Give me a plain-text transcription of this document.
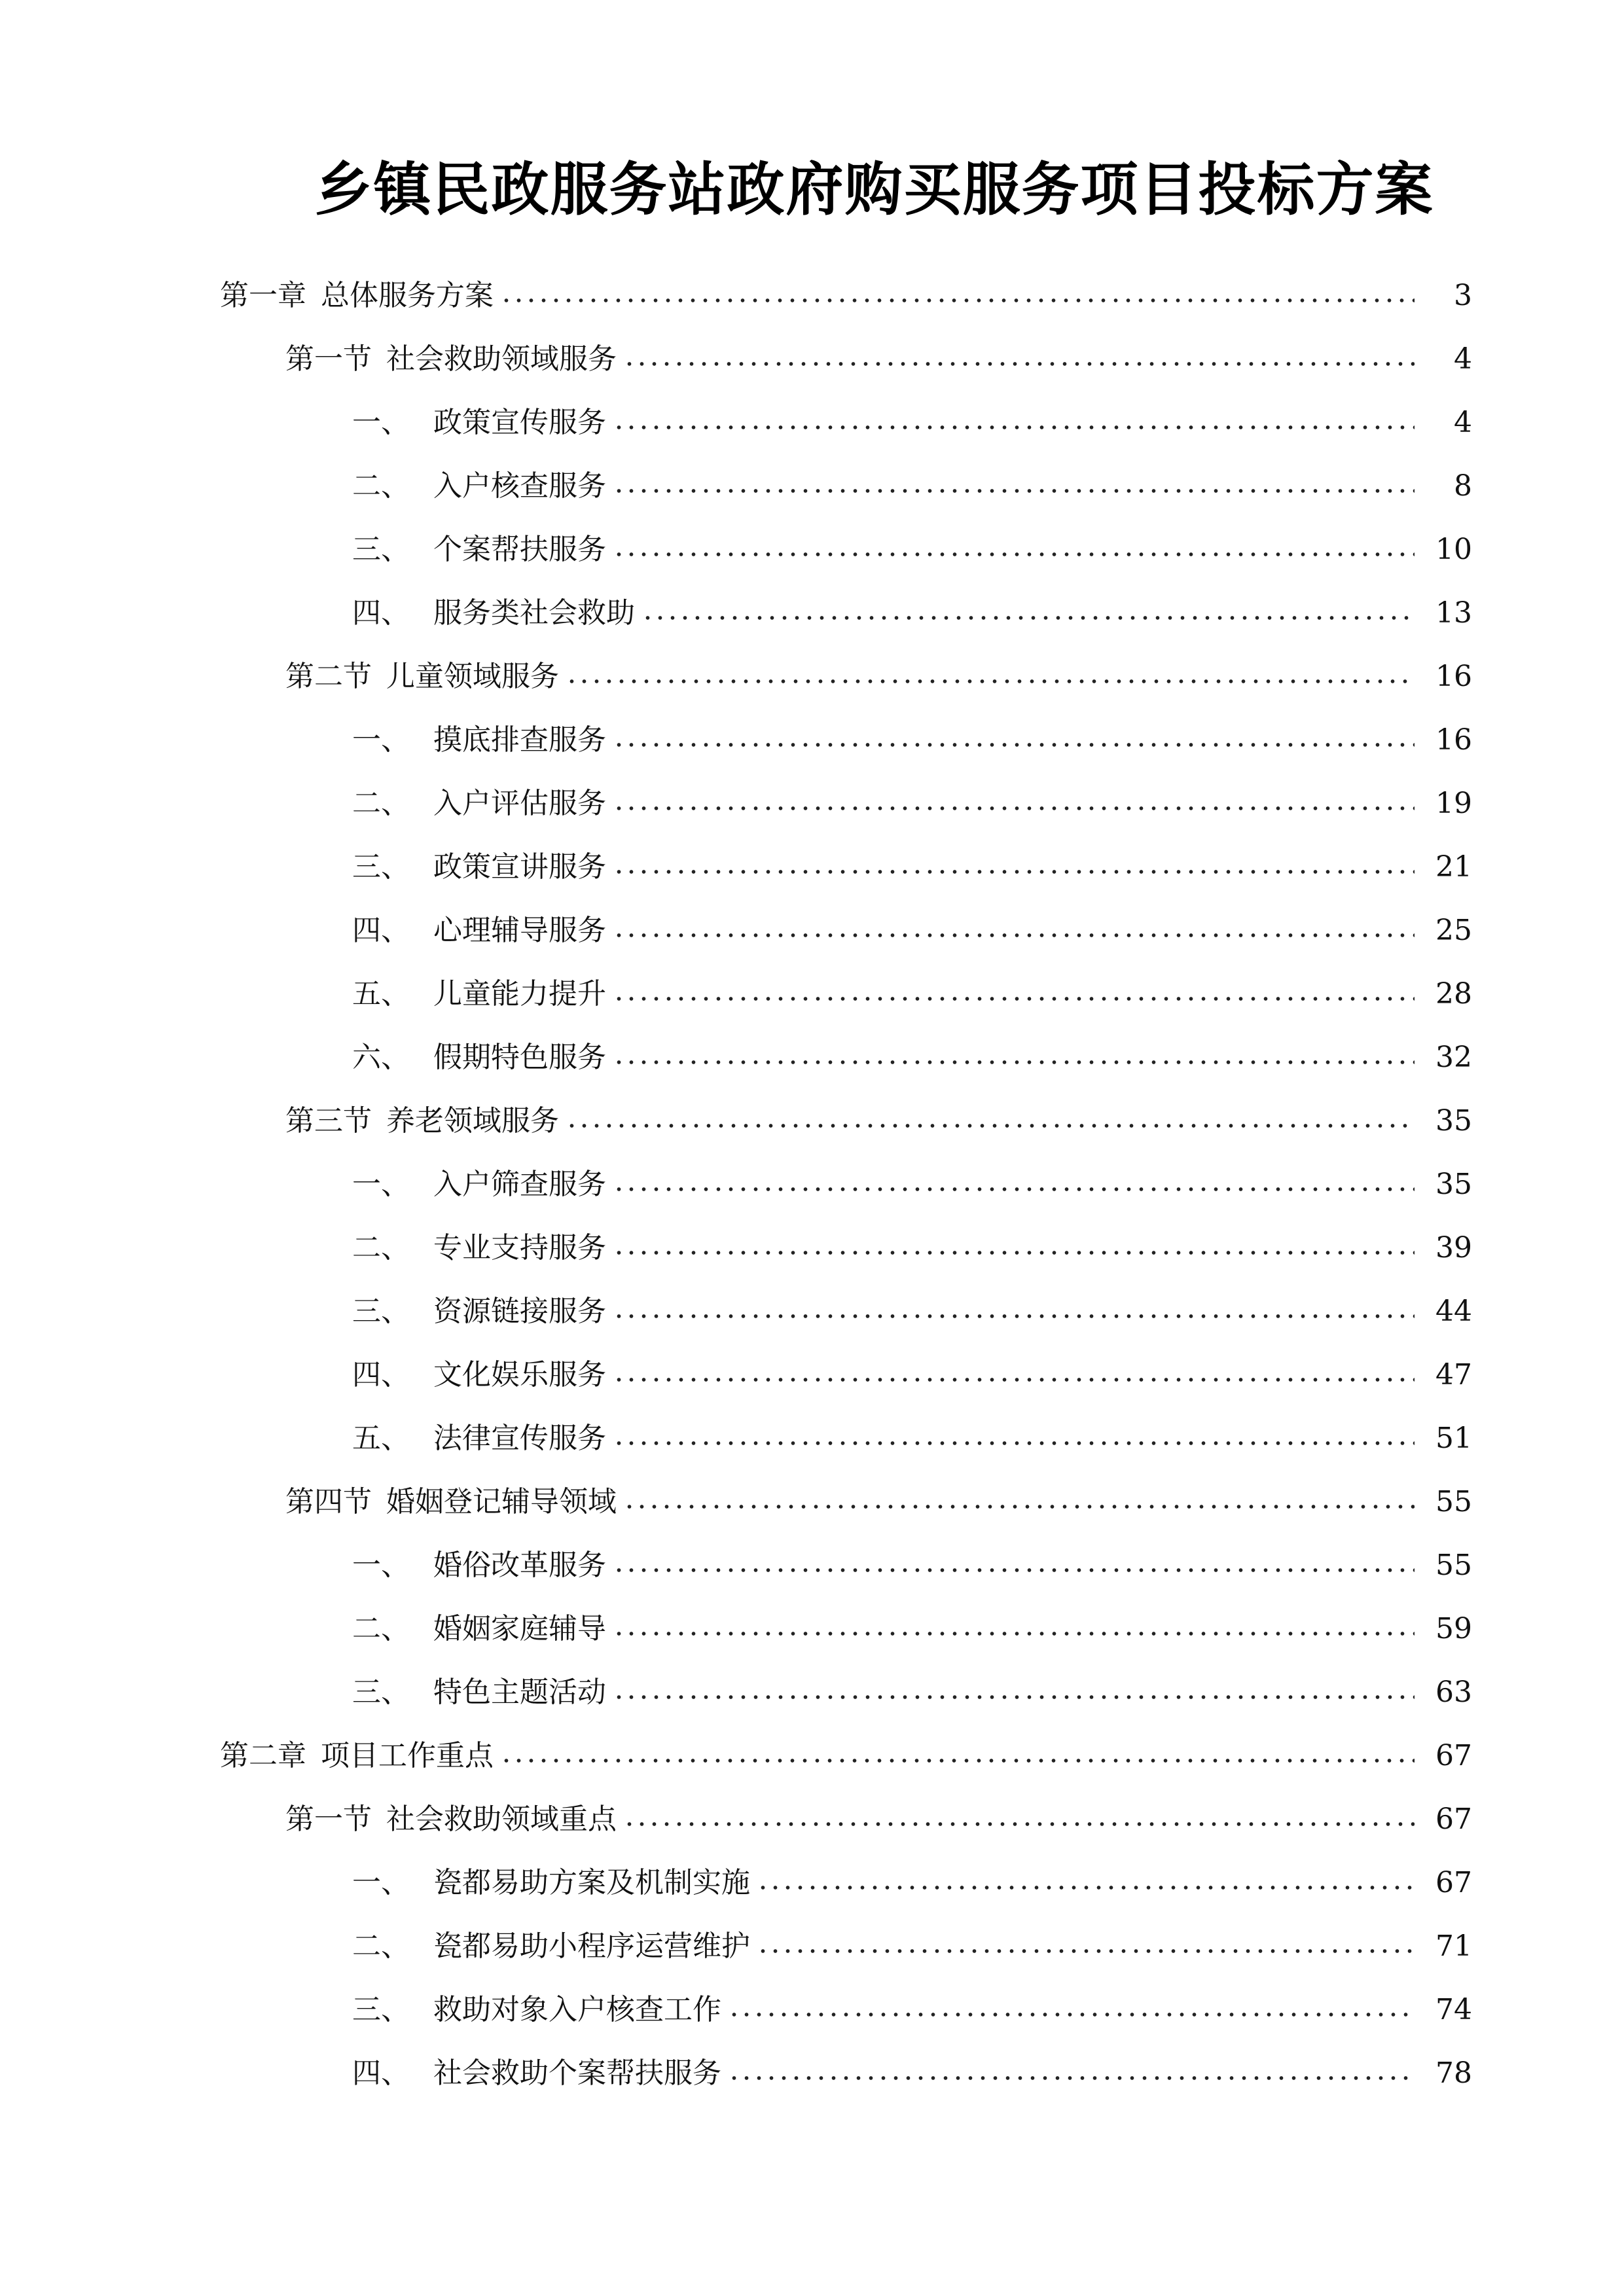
乡镇民政服务站政府购买服务项目投标方案
第一章 总体服务方案	3
第一节 社会救助领域服务	4
一、 政策宣传服务	4
二、 入户核查服务	8
三、 个案帮扶服务	10
四、 服务类社会救助	13
第二节 儿童领域服务	16
一、 摸底排查服务	16
二、 入户评估服务	19
三、 政策宣讲服务	21
四、 心理辅导服务	25
五、 儿童能力提升	28
六、 假期特色服务	32
第三节 养老领域服务	35
一、 入户筛查服务	35
二、 专业支持服务	39
三、 资源链接服务	44
四、 文化娱乐服务	47
五、 法律宣传服务	51
第四节 婚姻登记辅导领域	55
一、 婚俗改革服务	55
二、 婚姻家庭辅导	59
三、 特色主题活动	63
第二章 项目工作重点	67
第一节 社会救助领域重点	67
一、 瓷都易助方案及机制实施	67
二、 瓷都易助小程序运营维护	71
三、 救助对象入户核查工作	74
四、 社会救助个案帮扶服务	78
